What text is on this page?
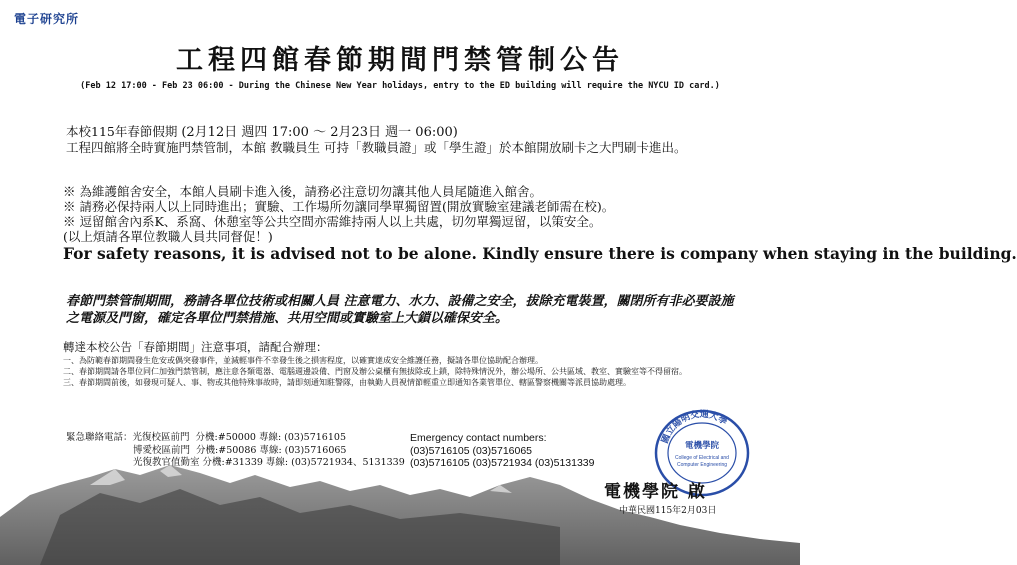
電子研究所
工程四館春節期間門禁管制公告
(Feb 12 17:00 - Feb 23 06:00 - During the Chinese New Year holidays, entry to the ED building will require the NYCU ID card.)
本校115年春節假期 (2月12日 週四 17:00 ～ 2月23日 週一 06:00)
工程四館將全時實施門禁管制，本館 教職員生 可持「教職員證」或「學生證」於本館開放刷卡之大門刷卡進出。
※ 為維護館舍安全，本館人員刷卡進入後，請務必注意切勿讓其他人員尾隨進入館舍。
※ 請務必保持兩人以上同時進出；實驗、工作場所勿讓同學單獨留置(開放實驗室建議老師需在校)。
※ 逗留館舍內系K、系窩、休憩室等公共空間亦需維持兩人以上共處，切勿單獨逗留，以策安全。
(以上煩請各單位教職人員共同督促！)
For safety reasons, it is advised not to be alone. Kindly ensure there is company when staying in the building.
春節門禁管制期間，務請各單位技術或相關人員 注意電力、水力、設備之安全，拔除充電裝置，關閉所有非必要設施之電源及門窗，確定各單位門禁措施、共用空間或實驗室上大鎖以確保安全。
轉達本校公告「春節期間」注意事項，請配合辦理：
一、為防範春節期間發生危安或偶突發事件，並減輕事件不幸發生後之損害程度，以確實達成安全維護任務，擬請各單位協助配合辦理。
二、春節期間請各單位同仁加強門禁管制，應注意各類電器、電腦週邊設備、門窗及辦公桌櫃有無拔除或上鎖，除特殊情況外，辦公場所、公共區域、教室、實驗室等不得留宿。
三、春節期間前後，如發現可疑人、事、物或其他特殊事故時，請即刻通知駐警隊，由執勤人員視情節輕重立即通知各業管單位、轄區警察機關等派員協助處理。
緊急聯絡電話：光復校區前門  分機:#50000 專線: (03)5716105
博愛校區前門  分機:#50086 專線: (03)5716065
光復教官值勤室 分機:#31339 專線: (03)5721934、5131339
Emergency contact numbers:
(03)5716105 (03)5716065
(03)5716105 (03)5721934 (03)5131339
國立陽明交通大學
電機學院
College of Electrical and
Computer Engineering
電機學院 啟
中華民國115年2月03日
